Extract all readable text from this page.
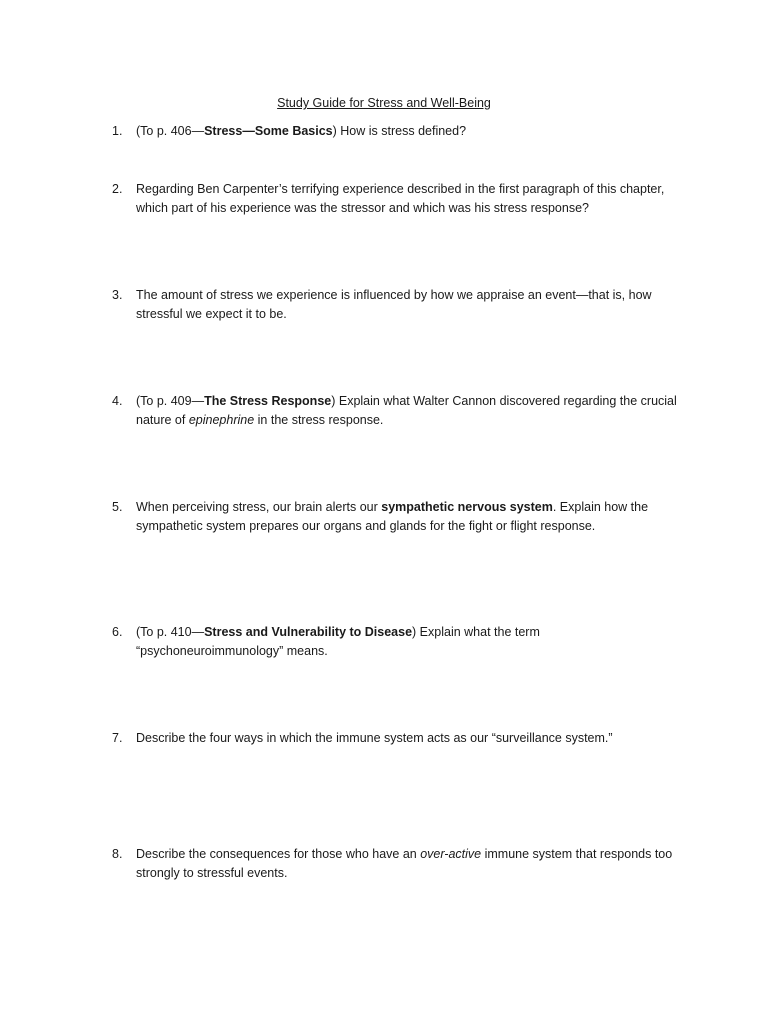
Study Guide for Stress and Well-Being
1.	(To p. 406—Stress—Some Basics) How is stress defined?
2.	Regarding Ben Carpenter’s terrifying experience described in the first paragraph of this chapter, which part of his experience was the stressor and which was his stress response?
3.	The amount of stress we experience is influenced by how we appraise an event—that is, how stressful we expect it to be.
4.	(To p. 409—The Stress Response) Explain what Walter Cannon discovered regarding the crucial nature of epinephrine in the stress response.
5.	When perceiving stress, our brain alerts our sympathetic nervous system. Explain how the sympathetic system prepares our organs and glands for the fight or flight response.
6.	(To p. 410—Stress and Vulnerability to Disease) Explain what the term “psychoneuroimmunology” means.
7.	Describe the four ways in which the immune system acts as our “surveillance system.”
8.	Describe the consequences for those who have an over-active immune system that responds too strongly to stressful events.
